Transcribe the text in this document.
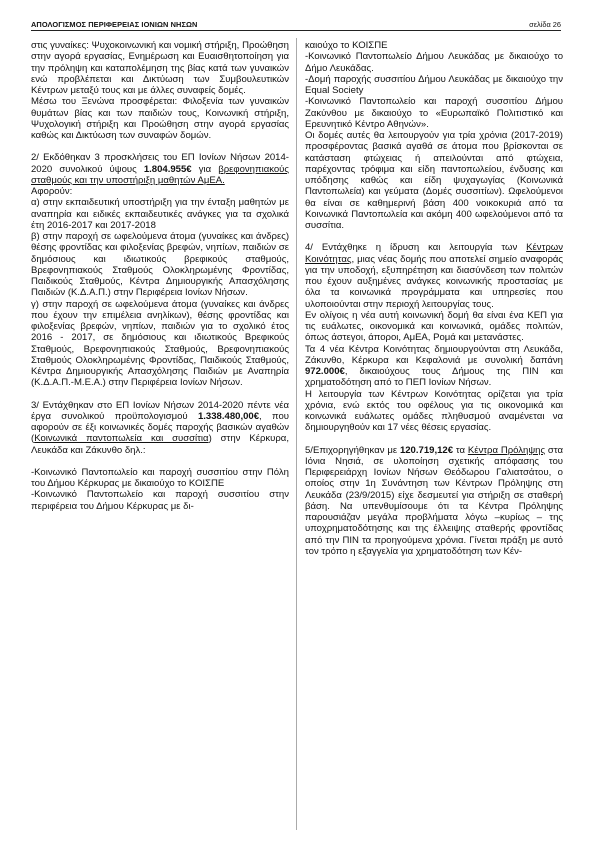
ΑΠΟΛΟΓΙΣΜΟΣ ΠΕΡΙΦΕΡΕΙΑΣ ΙΟΝΙΩΝ ΝΗΣΩΝ	σελίδα 26

στις γυναίκες: Ψυχοκοινωνική και νομική στήριξη, Προώθηση στην αγορά εργασίας, Ενημέρωση και Ευαισθητοποίηση για την πρόληψη και καταπολέμηση της βίας κατά των γυναικών ενώ προβλέπεται και Δικτύωση των Συμβουλευτικών Κέντρων μεταξύ τους και με άλλες συναφείς δομές.

Μέσω του Ξενώνα προσφέρεται: Φιλοξενία των γυναικών θυμάτων βίας και των παιδιών τους, Κοινωνική στήριξη, Ψυχολογική στήριξη και Προώθηση στην αγορά εργασίας καθώς και Δικτύωση των συναφών δομών.

2/ Εκδόθηκαν 3 προσκλήσεις του ΕΠ Ιονίων Νήσων 2014-2020 συνολικού ύψους 1.804.955€ για βρεφονηπιακούς σταθμούς και την υποστήριξη μαθητών ΑμΕΑ.

Αφορούν:

α) στην εκπαιδευτική υποστήριξη για την ένταξη μαθητών με αναπηρία και ειδικές εκπαιδευτικές ανάγκες για τα σχολικά έτη 2016-2017 και 2017-2018

β) στην παροχή σε ωφελούμενα άτομα (γυναίκες και άνδρες) θέσης φροντίδας και φιλοξενίας βρεφών, νηπίων, παιδιών σε δημόσιους και ιδιωτικούς βρεφικούς σταθμούς, Βρεφονηπιακούς Σταθμούς Ολοκληρωμένης Φροντίδας, Παιδικούς Σταθμούς, Κέντρα Δημιουργικής Απασχόλησης Παιδιών (Κ.Δ.Α.Π.) στην Περιφέρεια Ιονίων Νήσων.

γ) στην παροχή σε ωφελούμενα άτομα (γυναίκες και άνδρες που έχουν την επιμέλεια ανηλίκων), θέσης φροντίδας και φιλοξενίας βρεφών, νηπίων, παιδιών για το σχολικό έτος 2016 - 2017, σε δημόσιους και ιδιωτικούς Βρεφικούς Σταθμούς, Βρεφονηπιακούς Σταθμούς, Βρεφονηπιακούς Σταθμούς Ολοκληρωμένης Φροντίδας, Παιδικούς Σταθμούς, Κέντρα Δημιουργικής Απασχόλησης Παιδιών με Αναπηρία (Κ.Δ.Α.Π.-Μ.Ε.Α.) στην Περιφέρεια Ιονίων Νήσων.

3/ Εντάχθηκαν στο ΕΠ Ιονίων Νήσων 2014-2020 πέντε νέα έργα συνολικού προϋπολογισμού 1.338.480,00€, που αφορούν σε έξι κοινωνικές δομές παροχής βασικών αγαθών (Κοινωνικά παντοπωλεία και συσσίτια) στην Κέρκυρα, Λευκάδα και Ζάκυνθο δηλ.:

-Κοινωνικό Παντοπωλείο και παροχή συσσιτίου στην Πόλη του Δήμου Κέρκυρας με δικαιούχο το ΚΟΙΣΠΕ

-Κοινωνικό Παντοπωλείο και παροχή συσσιτίου στην περιφέρεια του Δήμου Κέρκυρας με δι-

καιούχο το ΚΟΙΣΠΕ

-Κοινωνικό Παντοπωλείο Δήμου Λευκάδας με δικαιούχο το Δήμο Λευκάδας.

-Δομή παροχής συσσιτίου Δήμου Λευκάδας με δικαιούχο την Equal Society

-Κοινωνικό Παντοπωλείο και παροχή συσσιτίου Δήμου Ζακύνθου με δικαιούχο το «Ευρωπαϊκό Πολιτιστικό και Ερευνητικό Κέντρο Αθηνών».

Οι δομές αυτές θα λειτουργούν για τρία χρόνια (2017-2019) προσφέροντας βασικά αγαθά σε άτομα που βρίσκονται σε κατάσταση φτώχειας ή απειλούνται από φτώχεια, παρέχοντας τρόφιμα και είδη παντοπωλείου, ένδυσης και υπόδησης καθώς και είδη ψυχαγωγίας (Κοινωνικά Παντοπωλεία) και γεύματα (Δομές συσσιτίων). Ωφελούμενοι θα είναι σε καθημερινή βάση 400 νοικοκυριά από τα Κοινωνικά Παντοπωλεία και ακόμη 400 ωφελούμενοι από τα συσσίτια.

4/ Εντάχθηκε η ίδρυση και λειτουργία των Κέντρων Κοινότητας, μιας νέας δομής που αποτελεί σημείο αναφοράς για την υποδοχή, εξυπηρέτηση και διασύνδεση των πολιτών που έχουν αυξημένες ανάγκες κοινωνικής προστασίας με όλα τα κοινωνικά προγράμματα και υπηρεσίες που υλοποιούνται στην περιοχή λειτουργίας τους.

Εν ολίγοις η νέα αυτή κοινωνική δομή θα είναι ένα ΚΕΠ για τις ευάλωτες, οικονομικά και κοινωνικά, ομάδες πολιτών, όπως άστεγοι, άποροι, ΑμΕΑ, Ρομά και μετανάστες.

Τα 4 νέα Κέντρα Κοινότητας δημιουργούνται στη Λευκάδα, Ζάκυνθο, Κέρκυρα και Κεφαλονιά με συνολική δαπάνη 972.000€, δικαιούχους τους Δήμους της ΠΙΝ και χρηματοδότηση από το ΠΕΠ Ιονίων Νήσων.

Η λειτουργία των Κέντρων Κοινότητας ορίζεται για τρία χρόνια, ενώ εκτός του οφέλους για τις οικονομικά και κοινωνικά ευάλωτες ομάδες πληθυσμού αναμένεται να δημιουργηθούν και 17 νέες θέσεις εργασίας.

5/Επιχορηγήθηκαν με 120.719,12€ τα Κέντρα Πρόληψης στα Ιόνια Νησιά, σε υλοποίηση σχετικής απόφασης του Περιφερειάρχη Ιονίων Νήσων Θεόδωρου Γαλιατσάτου, ο οποίος στην 1η Συνάντηση των Κέντρων Πρόληψης στη Λευκάδα (23/9/2015) είχε δεσμευτεί για στήριξη σε σταθερή βάση. Να υπενθυμίσουμε ότι τα Κέντρα Πρόληψης παρουσιάζαν μεγάλα προβλήματα λόγω –κυρίως – της υποχρηματοδότησης και της έλλειψης σταθερής φροντίδας από την ΠΙΝ τα προηγούμενα χρόνια. Γίνεται πράξη με αυτό τον τρόπο η εξαγγελία για χρηματοδότηση των Κέν-
